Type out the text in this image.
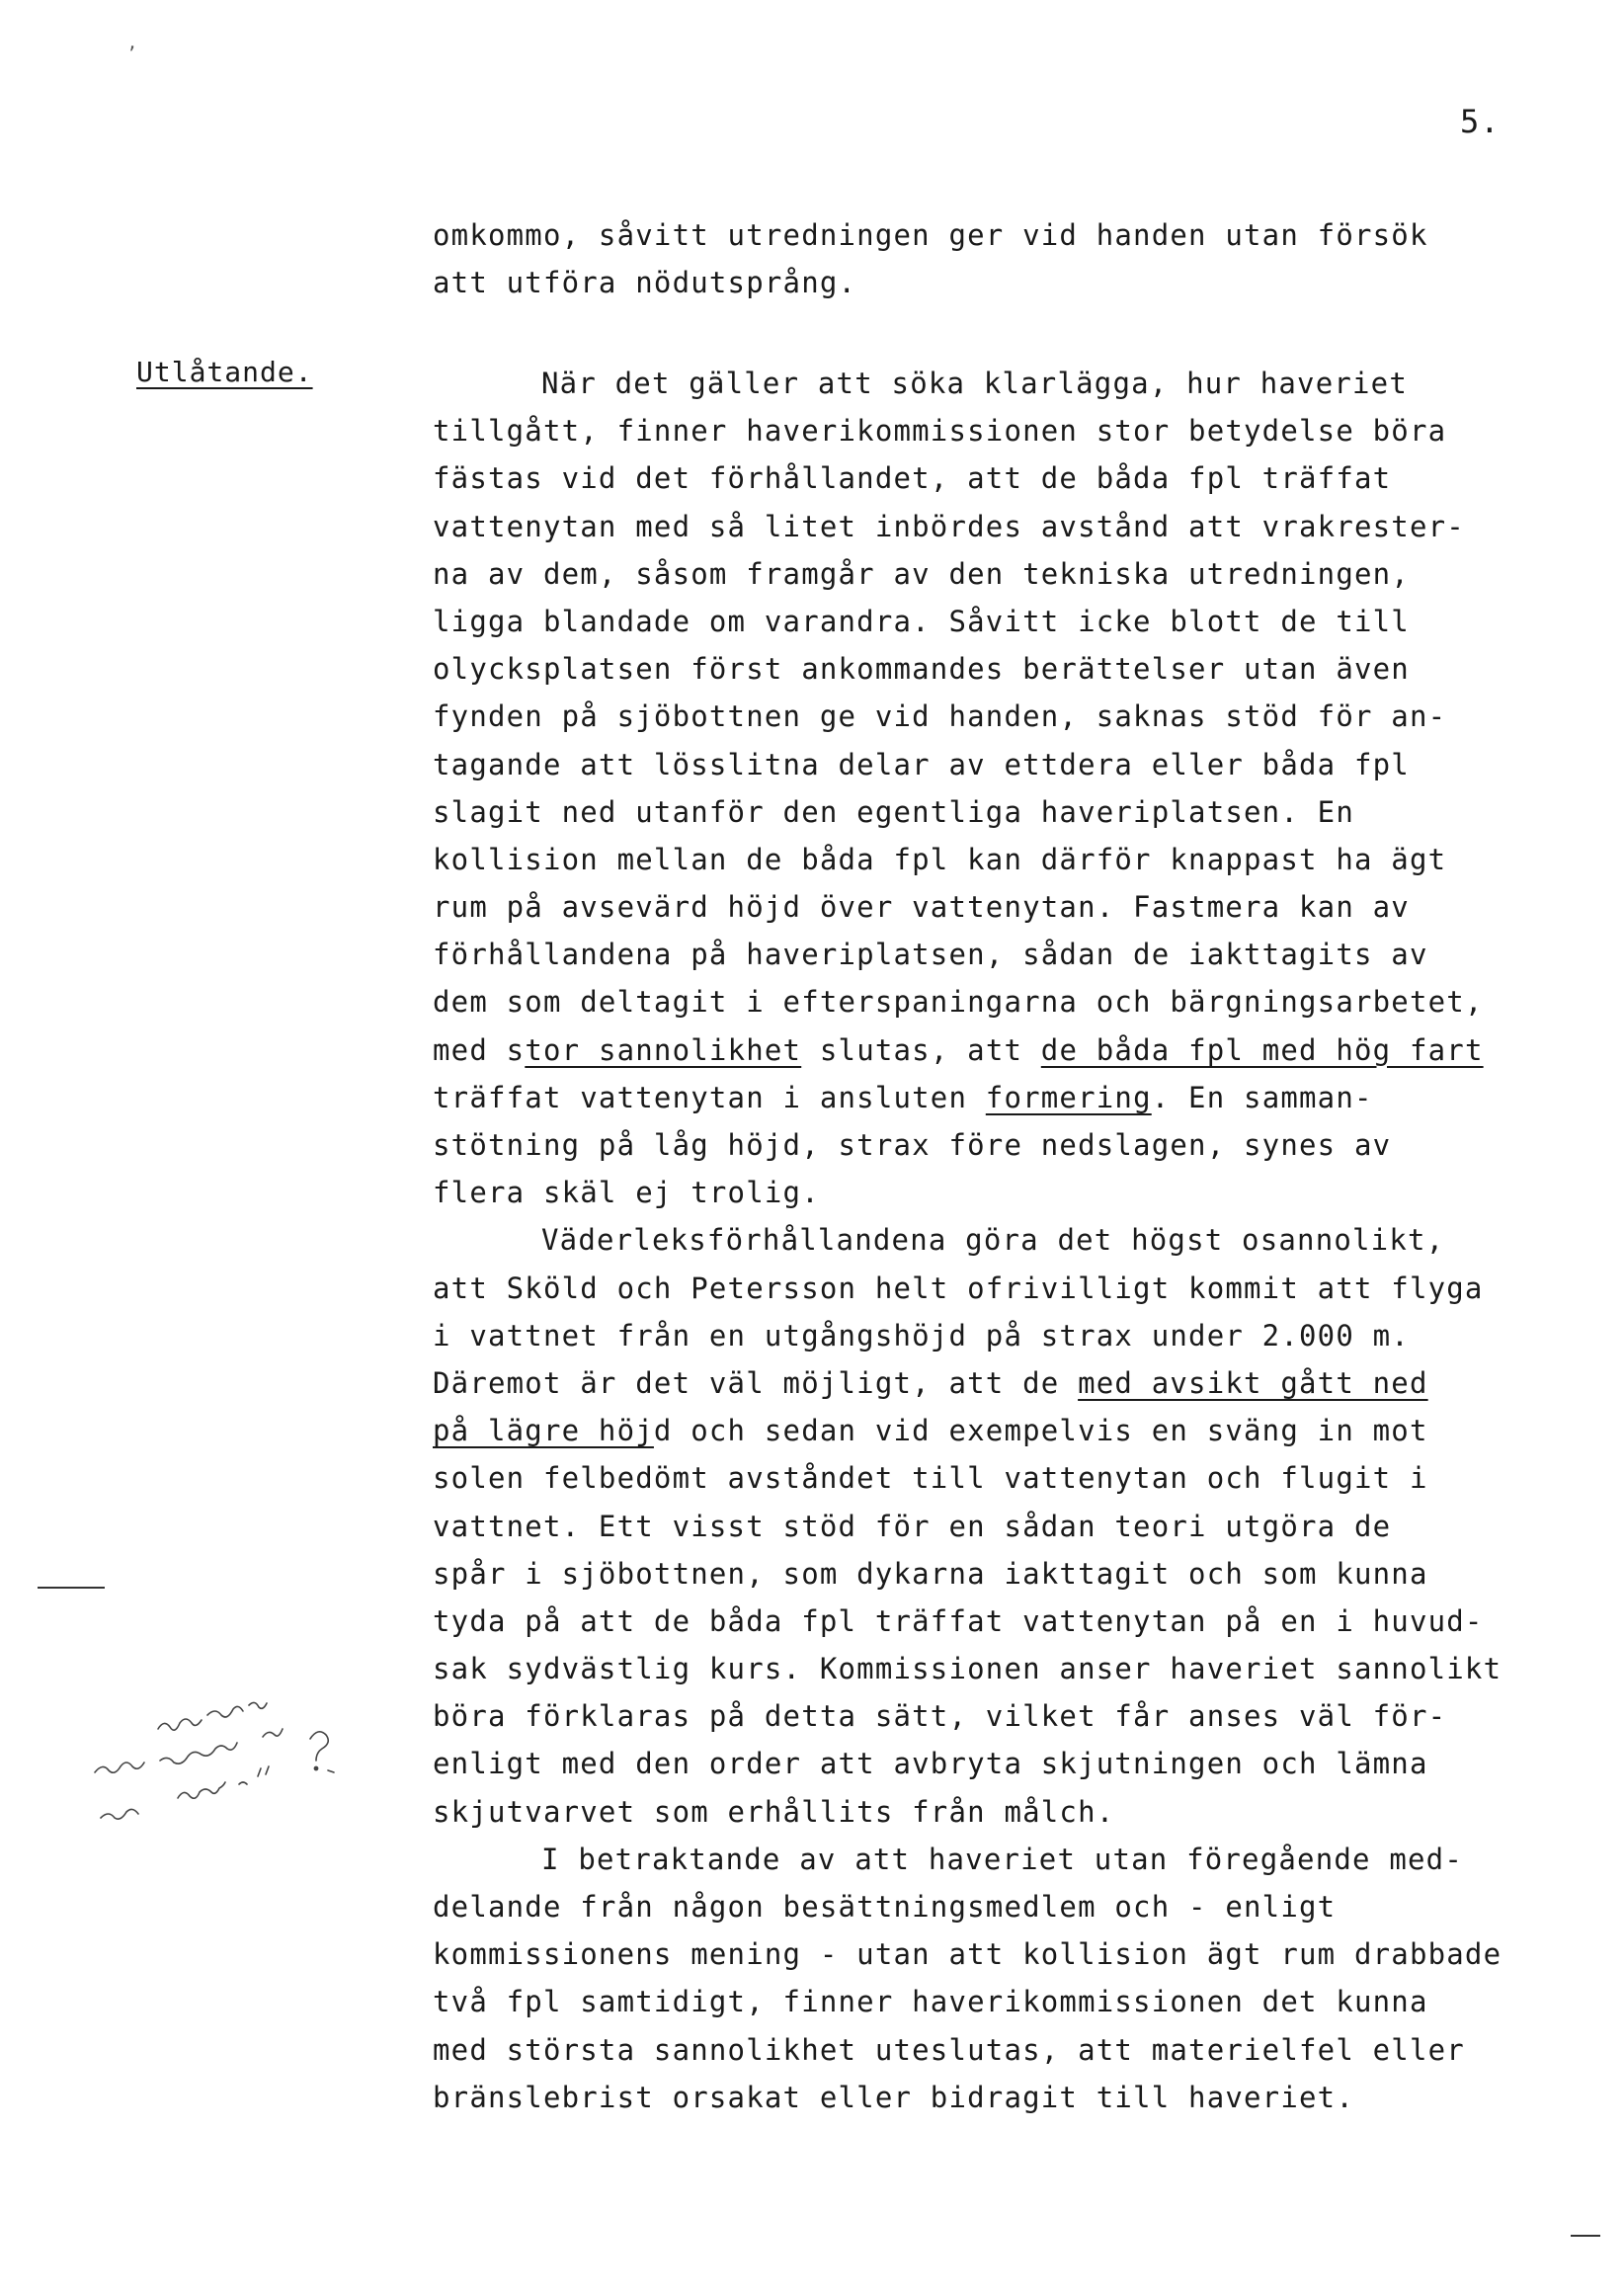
ʼ
5.
Utlåtande.
omkommo, såvitt utredningen ger vid handen utan försök
att utföra nödutsprång.
När det gäller att söka klarlägga, hur haveriet
tillgått, finner haverikommissionen stor betydelse böra
fästas vid det förhållandet, att de båda fpl träffat
vattenytan med så litet inbördes avstånd att vrakrester-
na av dem, såsom framgår av den tekniska utredningen,
ligga blandade om varandra. Såvitt icke blott de till
olycksplatsen först ankommandes berättelser utan även
fynden på sjöbottnen ge vid handen, saknas stöd för an-
tagande att lösslitna delar av ettdera eller båda fpl
slagit ned utanför den egentliga haveriplatsen. En
kollision mellan de båda fpl kan därför knappast ha ägt
rum på avsevärd höjd över vattenytan. Fastmera kan av
förhållandena på haveriplatsen, sådan de iakttagits av
dem som deltagit i efterspaningarna och bärgningsarbetet,
med stor sannolikhet slutas, att de båda fpl med hög fart
träffat vattenytan i ansluten formering. En samman-
stötning på låg höjd, strax före nedslagen, synes av
flera skäl ej trolig.
Väderleksförhållandena göra det högst osannolikt,
att Sköld och Petersson helt ofrivilligt kommit att flyga
i vattnet från en utgångshöjd på strax under 2.000 m.
Däremot är det väl möjligt, att de med avsikt gått ned
på lägre höjd och sedan vid exempelvis en sväng in mot
solen felbedömt avståndet till vattenytan och flugit i
vattnet. Ett visst stöd för en sådan teori utgöra de
spår i sjöbottnen, som dykarna iakttagit och som kunna
tyda på att de båda fpl träffat vattenytan på en i huvud-
sak sydvästlig kurs. Kommissionen anser haveriet sannolikt
böra förklaras på detta sätt, vilket får anses väl för-
enligt med den order att avbryta skjutningen och lämna
skjutvarvet som erhållits från målch.
I betraktande av att haveriet utan föregående med-
delande från någon besättningsmedlem och - enligt
kommissionens mening - utan att kollision ägt rum drabbade
två fpl samtidigt, finner haverikommissionen det kunna
med största sannolikhet uteslutas, att materielfel eller
bränslebrist orsakat eller bidragit till haveriet.
